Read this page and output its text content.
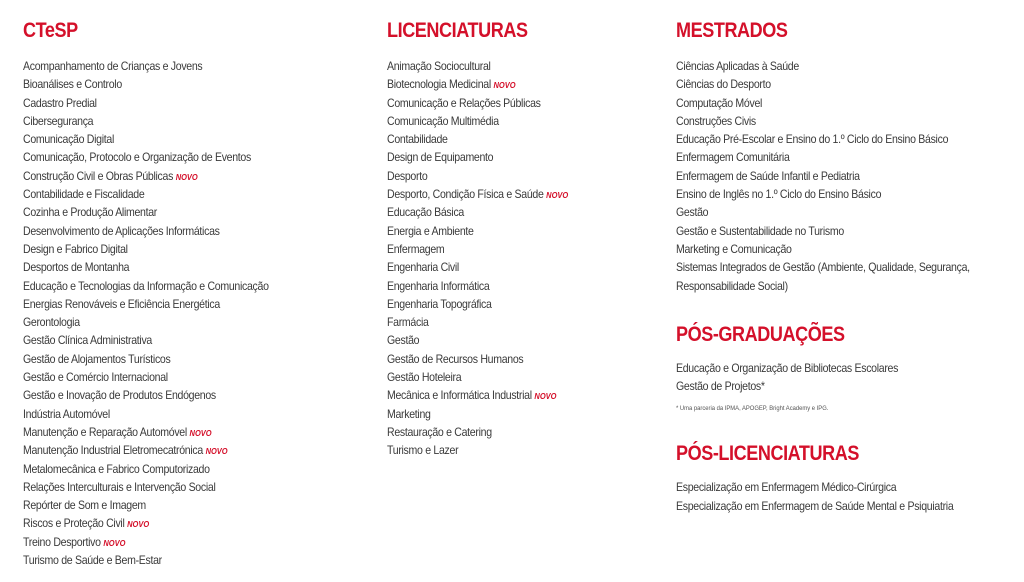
CTeSP
Acompanhamento de Crianças e Jovens
Bioanálises e Controlo
Cadastro Predial
Cibersegurança
Comunicação Digital
Comunicação, Protocolo e Organização de Eventos
Construção Civil e Obras Públicas NOVO
Contabilidade e Fiscalidade
Cozinha e Produção Alimentar
Desenvolvimento de Aplicações Informáticas
Design e Fabrico Digital
Desportos de Montanha
Educação e Tecnologias da Informação e Comunicação
Energias Renováveis e Eficiência Energética
Gerontologia
Gestão Clínica Administrativa
Gestão de Alojamentos Turísticos
Gestão e Comércio Internacional
Gestão e Inovação de Produtos Endógenos
Indústria Automóvel
Manutenção e Reparação Automóvel NOVO
Manutenção Industrial Eletromecatrónica NOVO
Metalomecânica e Fabrico Computorizado
Relações Interculturais e Intervenção Social
Repórter de Som e Imagem
Riscos e Proteção Civil NOVO
Treino Desportivo NOVO
Turismo de Saúde e Bem-Estar
LICENCIATURAS
Animação Sociocultural
Biotecnologia Medicinal NOVO
Comunicação e Relações Públicas
Comunicação Multimédia
Contabilidade
Design de Equipamento
Desporto
Desporto, Condição Física e Saúde NOVO
Educação Básica
Energia e Ambiente
Enfermagem
Engenharia Civil
Engenharia Informática
Engenharia Topográfica
Farmácia
Gestão
Gestão de Recursos Humanos
Gestão Hoteleira
Mecânica e Informática Industrial NOVO
Marketing
Restauração e Catering
Turismo e Lazer
MESTRADOS
Ciências Aplicadas à Saúde
Ciências do Desporto
Computação Móvel
Construções Civis
Educação Pré-Escolar e Ensino do 1.º Ciclo do Ensino Básico
Enfermagem Comunitária
Enfermagem de Saúde Infantil e Pediatria
Ensino de Inglês no 1.º Ciclo do Ensino Básico
Gestão
Gestão e Sustentabilidade no Turismo
Marketing e Comunicação
Sistemas Integrados de Gestão (Ambiente, Qualidade, Segurança, Responsabilidade Social)
PÓS-GRADUAÇÕES
Educação e Organização de Bibliotecas Escolares
Gestão de Projetos*

* Uma parceria da IPMA, APOGEP, Bright Academy e IPG.

PÓS-LICENCIATURAS
Especialização em Enfermagem Médico-Cirúrgica
Especialização em Enfermagem de Saúde Mental e Psiquiatria
